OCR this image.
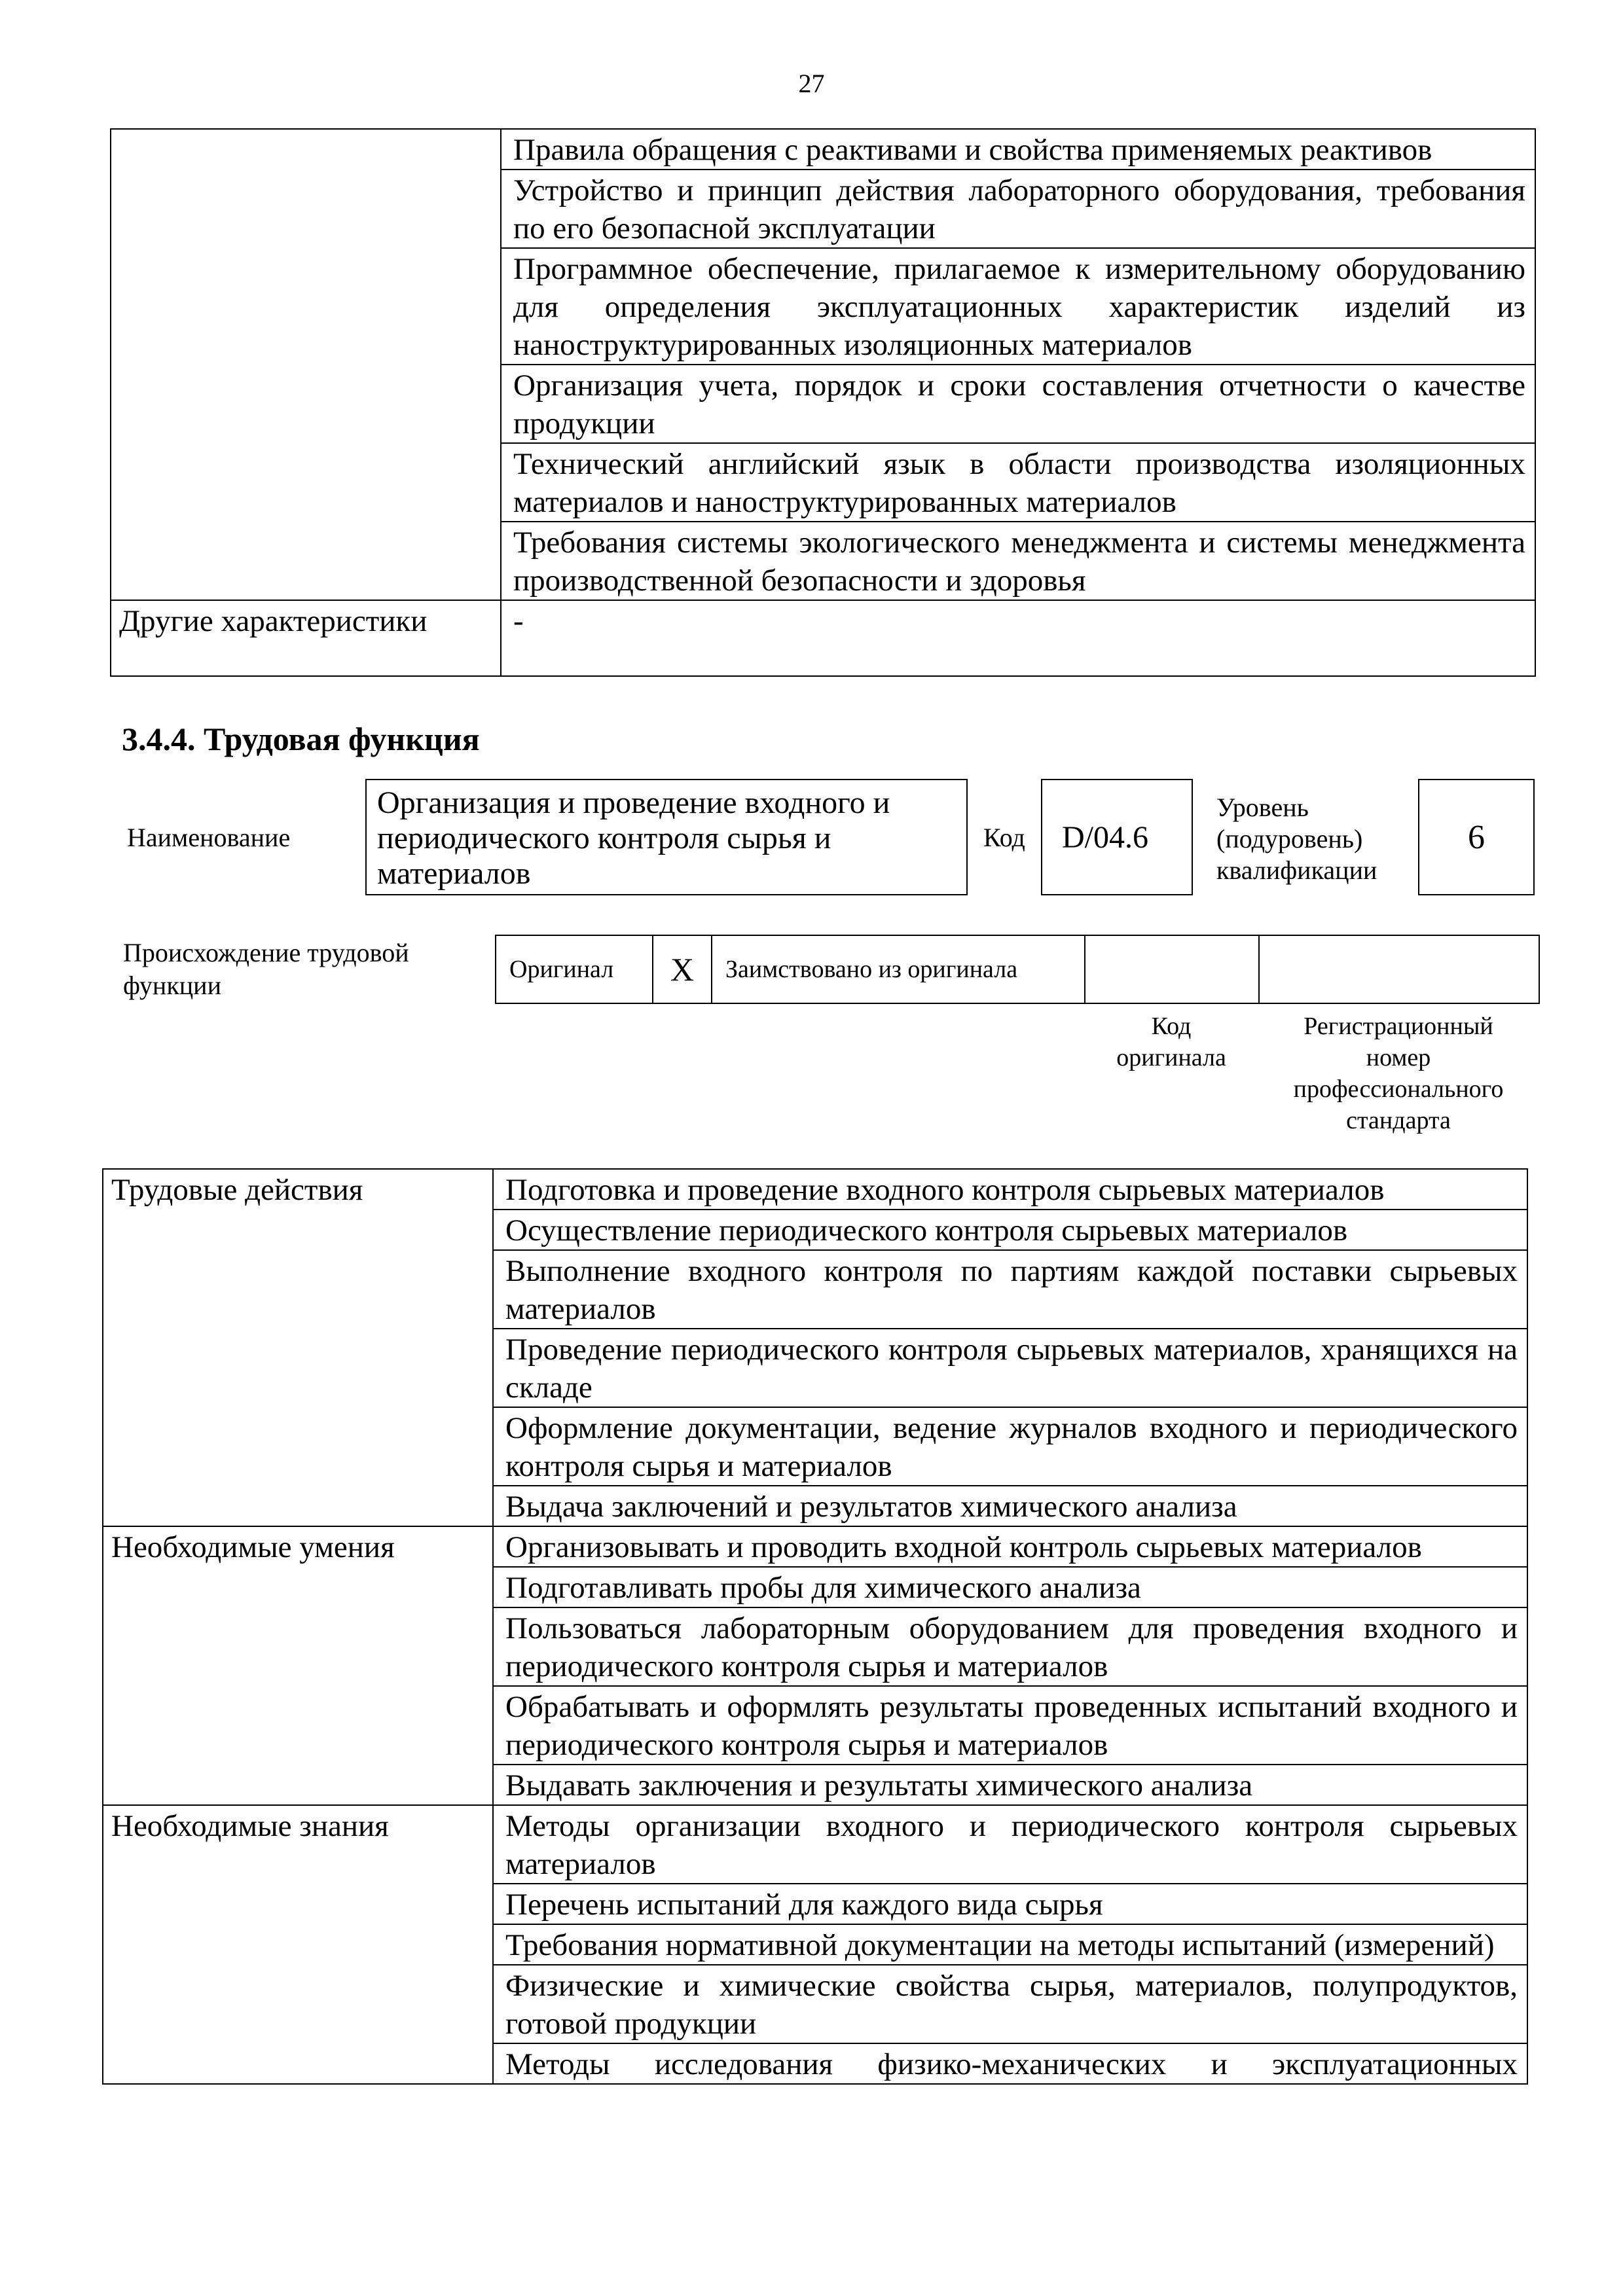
27
	Правила обращения с реактивами и свойства применяемых реактивов
	Устройство и принцип действия лабораторного оборудования, требования по его безопасной эксплуатации
	Программное обеспечение, прилагаемое к измерительному оборудованию для определения эксплуатационных характеристик изделий из наноструктурированных изоляционных материалов
	Организация учета, порядок и сроки составления отчетности о качестве продукции
	Технический английский язык в области производства изоляционных материалов и наноструктурированных материалов
	Требования системы экологического менеджмента и системы менеджмента производственной безопасности и здоровья
Другие характеристики	-
3.4.4. Трудовая функция
Наименование
Организация и проведение входного и периодического контроля сырья и материалов
Код	D/04.6
Уровень
(подуровень)
квалификации
6
Происхождение трудовой
функции
Оригинал	X	Заимствовано из оригинала		
Код
оригинала
Регистрационный
номер
профессионального
стандарта
Трудовые действия	Подготовка и проведение входного контроля сырьевых материалов
	Осуществление периодического контроля сырьевых материалов
	Выполнение входного контроля по партиям каждой поставки сырьевых материалов
	Проведение периодического контроля сырьевых материалов, хранящихся на складе
	Оформление документации, ведение журналов входного и периодического контроля сырья и материалов
	Выдача заключений и результатов химического анализа
Необходимые умения	Организовывать и проводить входной контроль сырьевых материалов
	Подготавливать пробы для химического анализа
	Пользоваться лабораторным оборудованием для проведения входного и периодического контроля сырья и материалов
	Обрабатывать и оформлять результаты проведенных испытаний входного и периодического контроля сырья и материалов
	Выдавать заключения и результаты химического анализа
Необходимые знания	Методы организации входного и периодического контроля сырьевых материалов
	Перечень испытаний для каждого вида сырья
	Требования нормативной документации на методы испытаний (измерений)
	Физические и химические свойства сырья, материалов, полупродуктов, готовой продукции
	Методы исследования физико-механических и эксплуатационных
